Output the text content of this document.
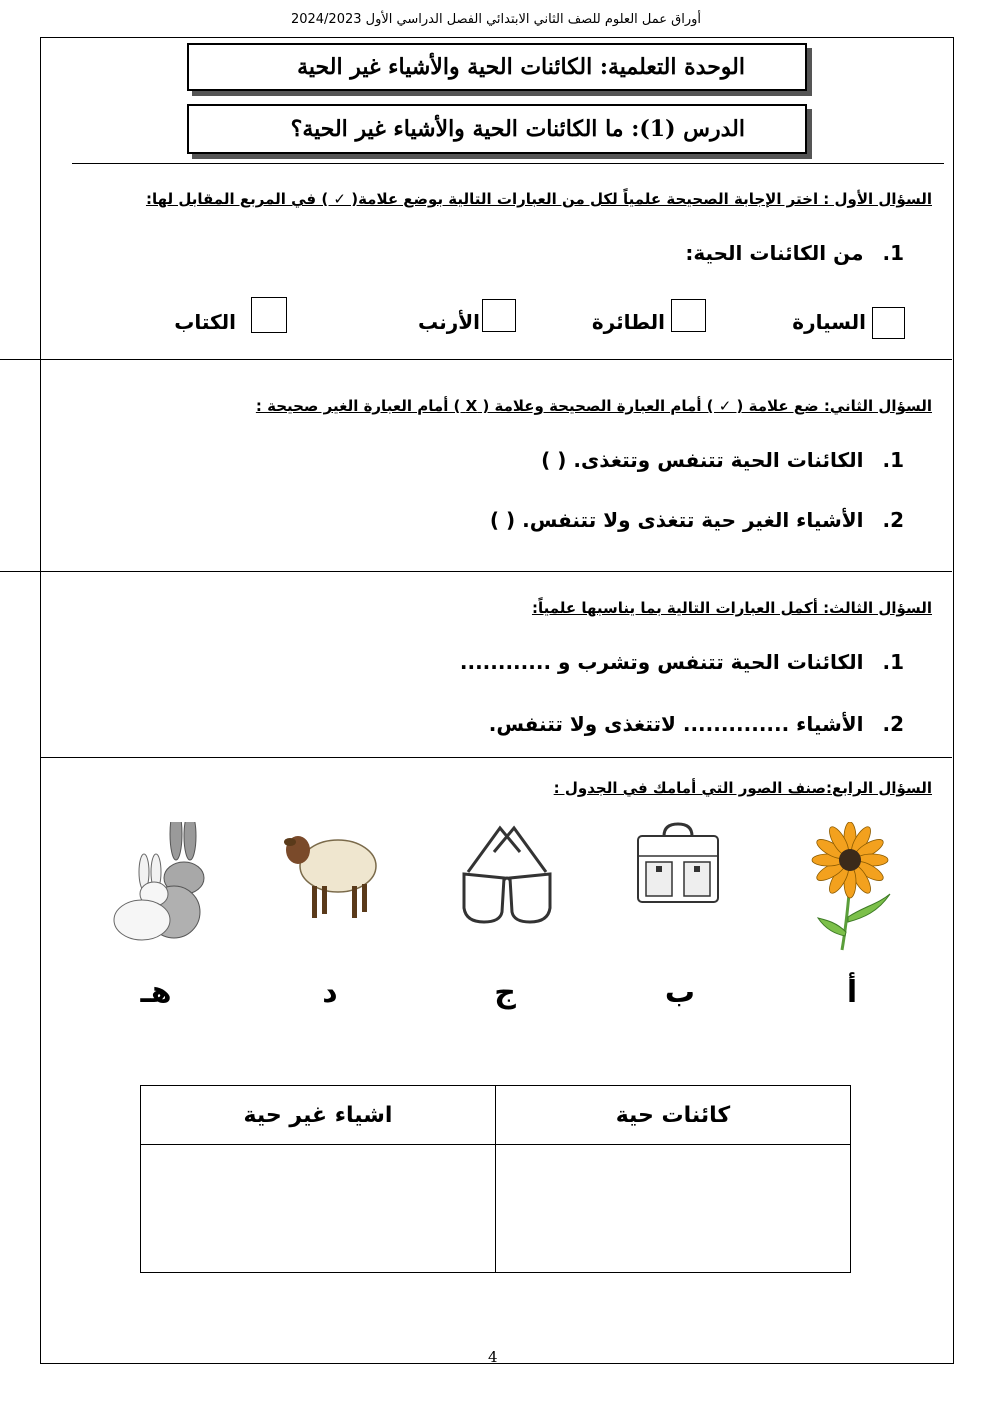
أوراق عمل العلوم للصف الثاني الابتدائي الفصل الدراسي الأول 2024/2023
الوحدة التعلمية: الكائنات الحية والأشياء غير الحية
الدرس (1): ما الكائنات الحية والأشياء غير الحية؟
السؤال الأول : اختر الإجابة الصحيحة علمياً لكل من العبارات التالية بوضع علامة( ✓ ) في المربع المقابل لها:
1. من الكائنات الحية:
السيارة
الطائرة
الأرنب
الكتاب
السؤال الثاني: ضع علامة ( ✓ ) أمام العبارة الصحيحة وعلامة ( X ) أمام العبارة الغير صحيحة :
1. الكائنات الحية تتنفس وتتغذى. ( )
2. الأشياء الغير حية تتغذى ولا تتنفس. ( )
السؤال الثالث: أكمل العبارات التالية بما يناسبها علمياً:
1. الكائنات الحية تتنفس وتشرب و ............
2. الأشياء .............. لاتتغذى ولا تتنفس.
السؤال الرابع:صنف الصور التي أمامك في الجدول :
أ
ب
ج
د
هـ
كائنات حية	اشياء غير حية

4
